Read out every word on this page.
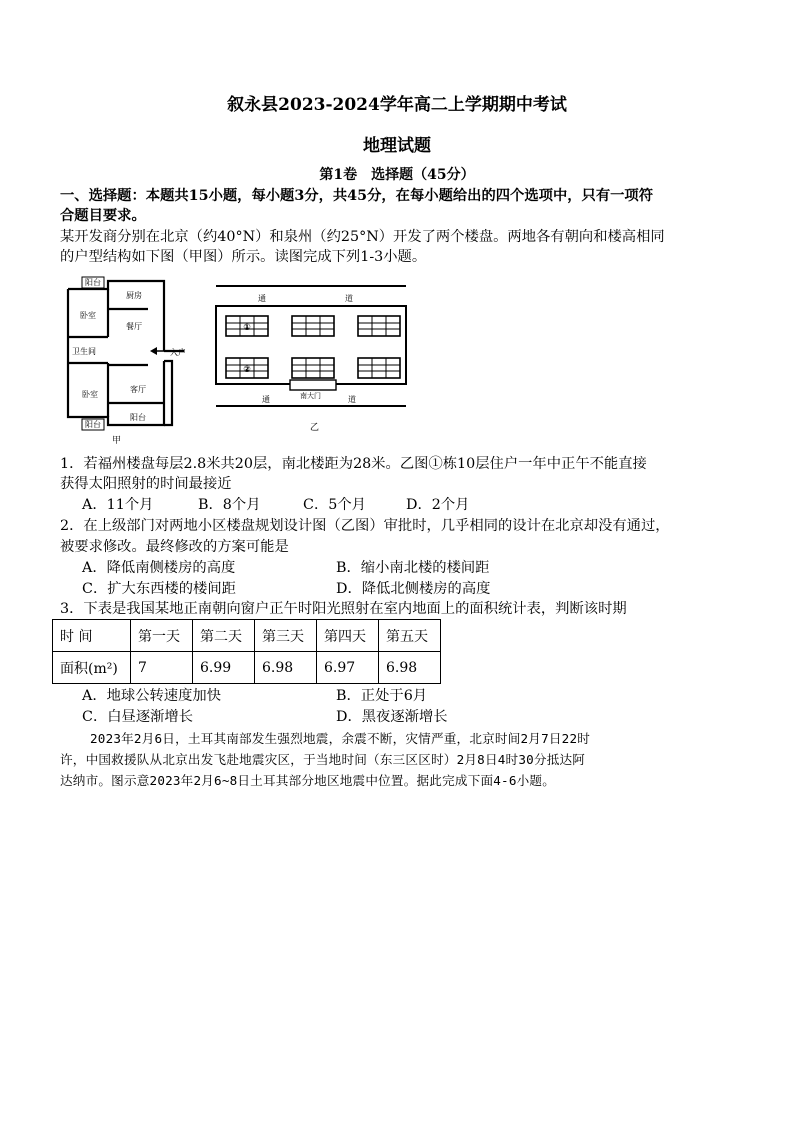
叙永县2023-2024学年高二上学期期中考试
地理试题
第1卷　选择题（45分）
一、选择题：本题共15小题，每小题3分，共45分，在每小题给出的四个选项中，只有一项符
合题目要求。
某开发商分别在北京（约40°N）和泉州（约25°N）开发了两个楼盘。两地各有朝向和楼高相同
的户型结构如下图（甲图）所示。读图完成下列1-3小题。
阳台
卧室
厨房
餐厅
卫生间	入户
卧室
客厅
阳台
阳台
甲
通	道
通	道
南大门
①
②
乙
1．若福州楼盘每层2.8米共20层，南北楼距为28米。乙图①栋10层住户一年中正午不能直接
获得太阳照射的时间最接近
A．11个月	B．8个月	C．5个月	D．2个月
2．在上级部门对两地小区楼盘规划设计图（乙图）审批时，几乎相同的设计在北京却没有通过，
被要求修改。最终修改的方案可能是
A．降低南侧楼房的高度	B．缩小南北楼的楼间距
C．扩大东西楼的楼间距	D．降低北侧楼房的高度
3．下表是我国某地正南朝向窗户正午时阳光照射在室内地面上的面积统计表，判断该时期
时 间	第一天	第二天	第三天	第四天	第五天
面积(m²)	7	6.99	6.98	6.97	6.98
A．地球公转速度加快	B．正处于6月
C．白昼逐渐增长	D．黑夜逐渐增长
2023年2月6日，土耳其南部发生强烈地震，余震不断，灾情严重，北京时间2月7日22时
许，中国救援队从北京出发飞赴地震灾区，于当地时间（东三区区时）2月8日4时30分抵达阿
达纳市。图示意2023年2月6~8日土耳其部分地区地震中位置。据此完成下面4-6小题。
